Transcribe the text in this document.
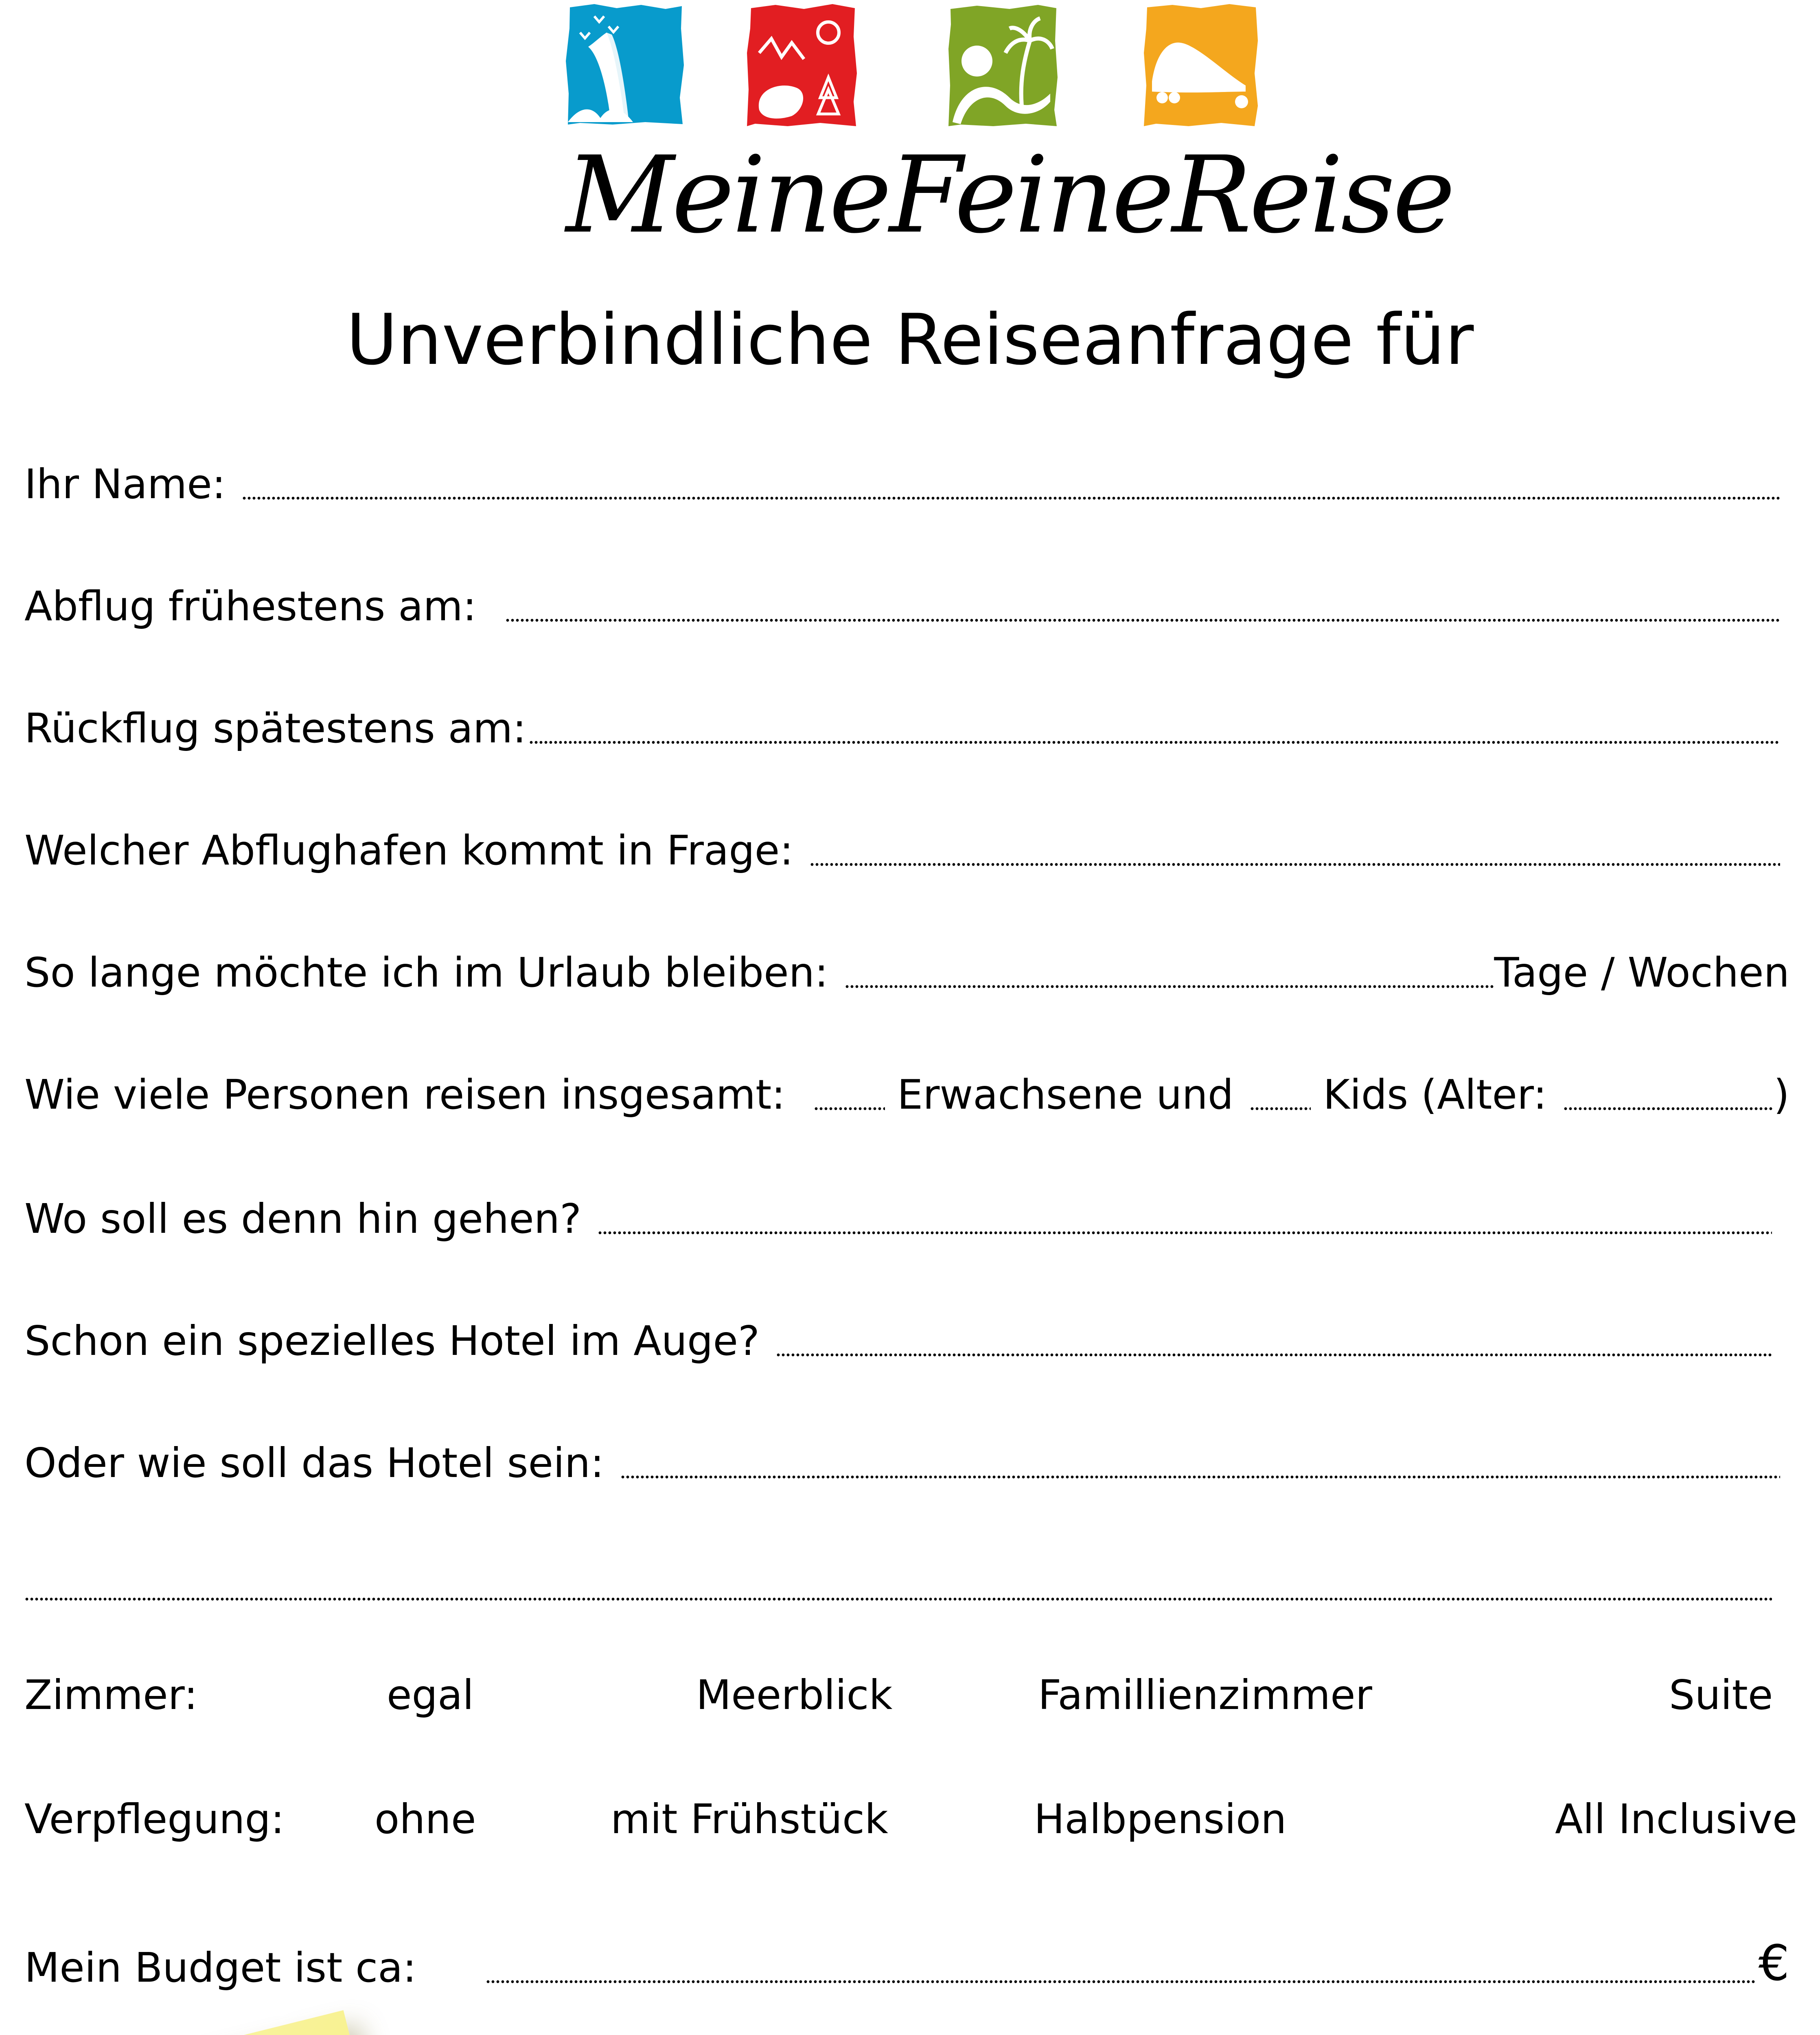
MeineFeineReise
Unverbindliche Reiseanfrage für
Ihr Name:
Abflug frühestens am:
Rückflug spätestens am:
Welcher Abflughafen kommt in Frage:
So lange möchte ich im Urlaub bleiben:	Tage / Wochen
Wie viele Personen reisen insgesamt:	Erwachsene und Kids (Alter:	)
Wo soll es denn hin gehen?
Schon ein spezielles Hotel im Auge?
Oder wie soll das Hotel sein:
Zimmer:	egal	Meerblick	Famillienzimmer	Suite
Verpflegung: ohne	mit Frühstück	Halbpension	All Inclusive
Mein Budget ist ca:	€
